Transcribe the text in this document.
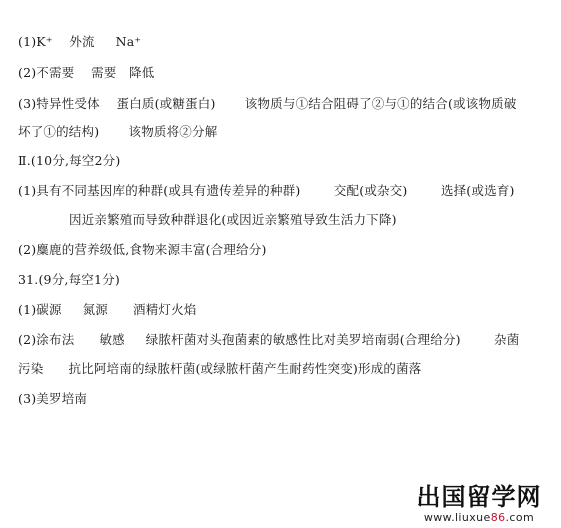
(1)K⁺    外流     Na⁺
(2)不需要    需要   降低
(3)特异性受体    蛋白质(或糖蛋白)       该物质与①结合阻碍了②与①的结合(或该物质破
坏了①的结构)       该物质将②分解
Ⅱ.(10分,每空2分)
(1)具有不同基因库的种群(或具有遗传差异的种群)        交配(或杂交)        选择(或选育)
因近亲繁殖而导致种群退化(或因近亲繁殖导致生活力下降)
(2)麋鹿的营养级低,食物来源丰富(合理给分)
31.(9分,每空1分)
(1)碳源     氮源      酒精灯火焰
(2)涂布法      敏感     绿脓杆菌对头孢菌素的敏感性比对美罗培南弱(合理给分)        杂菌
污染      抗比阿培南的绿脓杆菌(或绿脓杆菌产生耐药性突变)形成的菌落
(3)美罗培南
出国留学网
www.liuxue86.com
